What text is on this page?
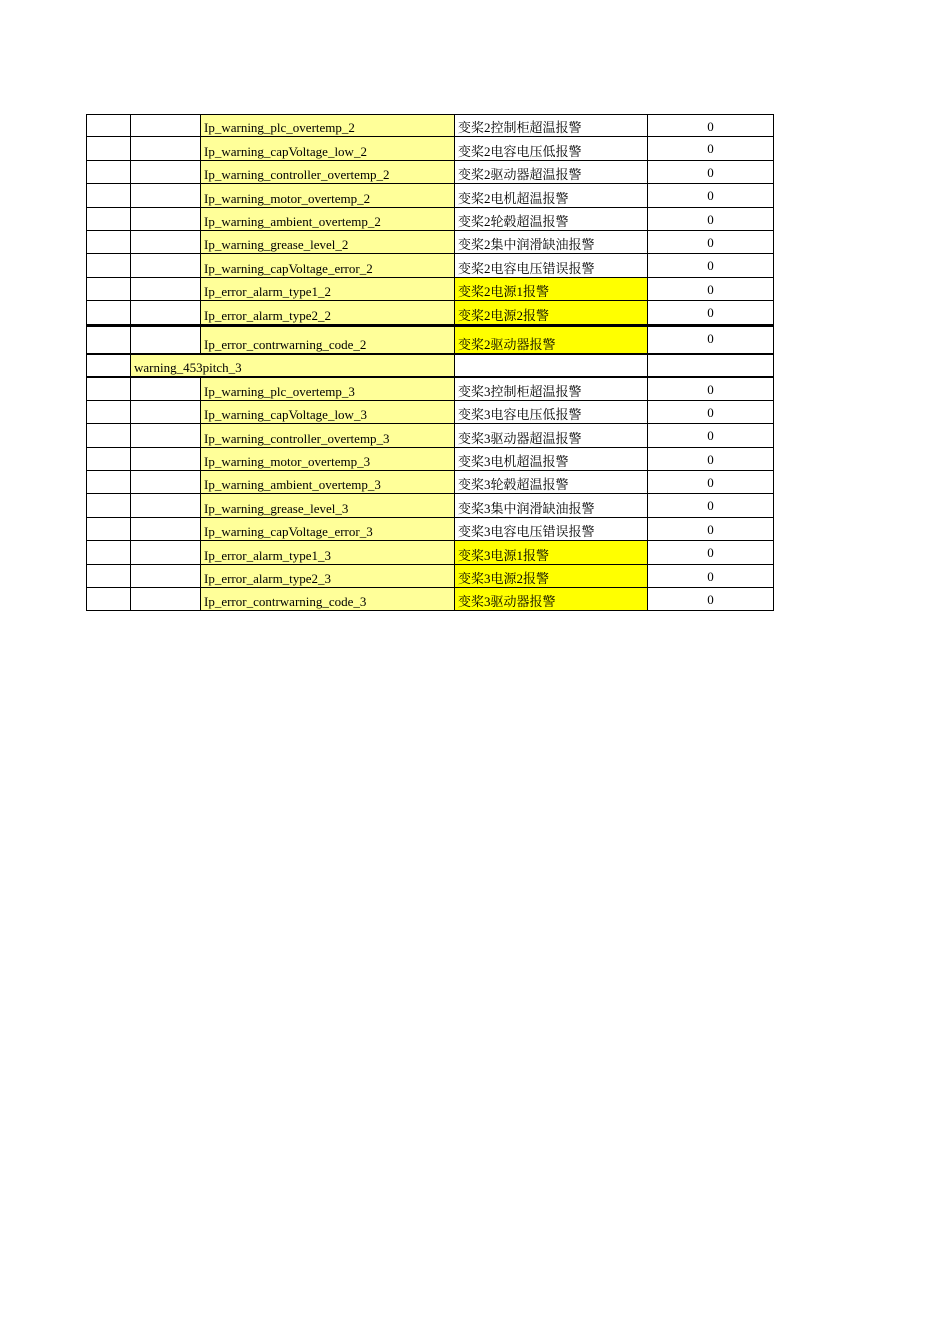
Ip_warning_plc_overtemp_2	变桨2控制柜超温报警	0
Ip_warning_capVoltage_low_2	变桨2电容电压低报警	0
Ip_warning_controller_overtemp_2	变桨2驱动器超温报警	0
Ip_warning_motor_overtemp_2	变桨2电机超温报警	0
Ip_warning_ambient_overtemp_2	变桨2轮毂超温报警	0
Ip_warning_grease_level_2	变桨2集中润滑缺油报警	0
Ip_warning_capVoltage_error_2	变桨2电容电压错误报警	0
Ip_error_alarm_type1_2	变桨2电源1报警	0
Ip_error_alarm_type2_2	变桨2电源2报警	0
Ip_error_contrwarning_code_2	变桨2驱动器报警	0
warning_453pitch_3
Ip_warning_plc_overtemp_3	变桨3控制柜超温报警	0
Ip_warning_capVoltage_low_3	变桨3电容电压低报警	0
Ip_warning_controller_overtemp_3	变桨3驱动器超温报警	0
Ip_warning_motor_overtemp_3	变桨3电机超温报警	0
Ip_warning_ambient_overtemp_3	变桨3轮毂超温报警	0
Ip_warning_grease_level_3	变桨3集中润滑缺油报警	0
Ip_warning_capVoltage_error_3	变桨3电容电压错误报警	0
Ip_error_alarm_type1_3	变桨3电源1报警	0
Ip_error_alarm_type2_3	变桨3电源2报警	0
Ip_error_contrwarning_code_3	变桨3驱动器报警	0
